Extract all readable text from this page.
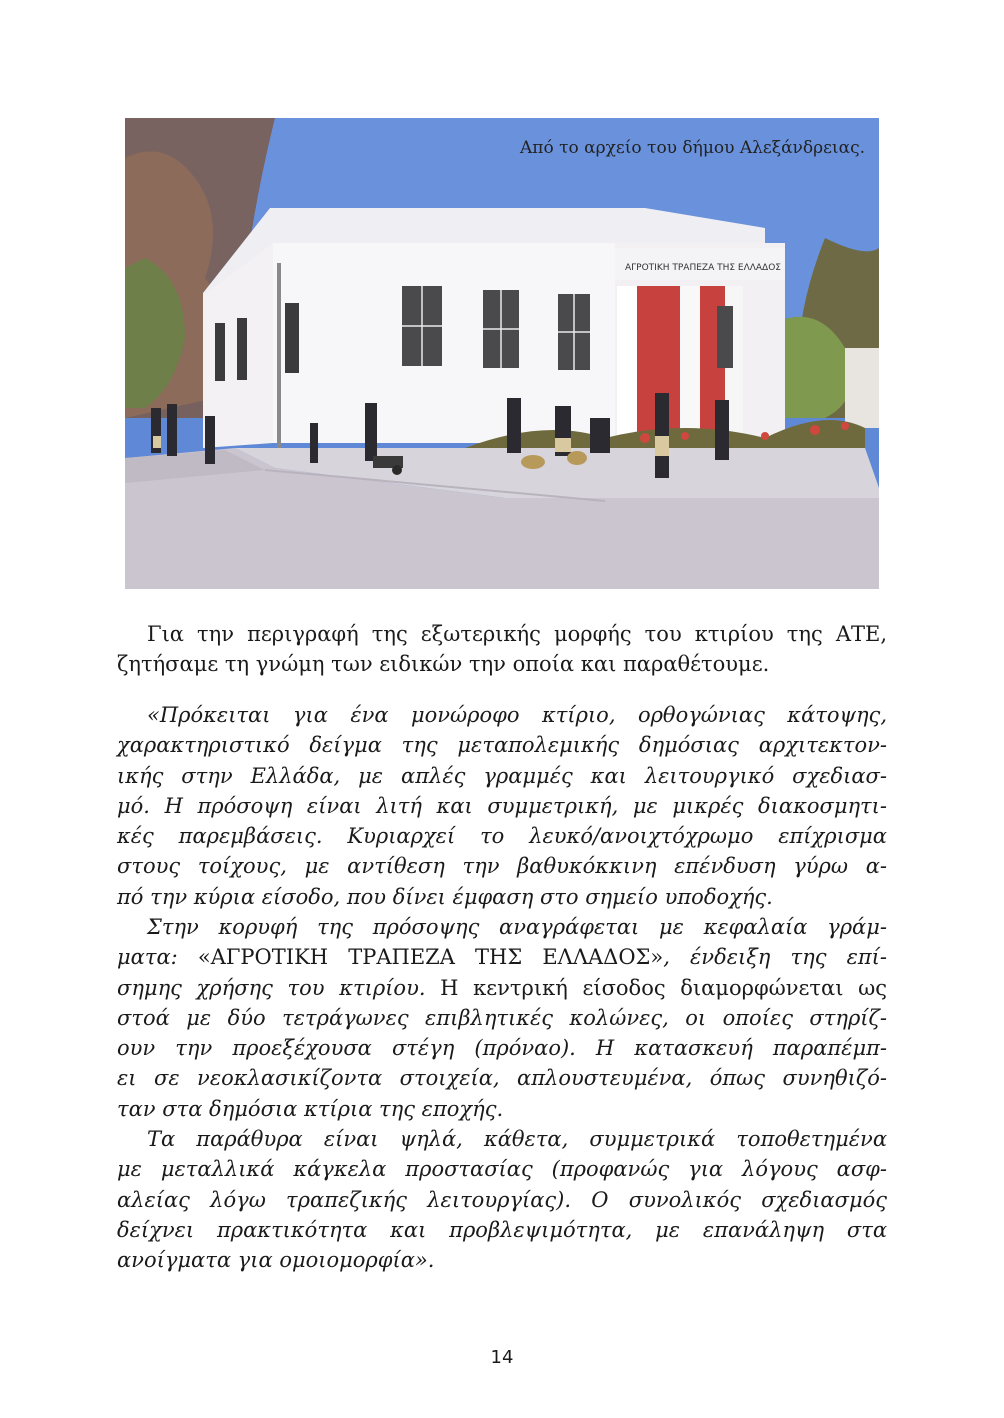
ΑΓΡΟΤΙΚΗ ΤΡΑΠΕΖΑ ΤΗΣ ΕΛΛΑΔΟΣ
Από το αρχείο του δήμου Αλεξάνδρειας.
Για την περιγραφή της εξωτερικής μορφής του κτιρίου της ΑΤΕ,
ζητήσαμε τη γνώμη των ειδικών την οποία και παραθέτουμε.
«Πρόκειται για ένα μονώροφο κτίριο, ορθογώνιας κάτοψης,
χαρακτηριστικό δείγμα της μεταπολεμικής δημόσιας αρχιτεκτον-
ικής στην Ελλάδα, με απλές γραμμές και λειτουργικό σχεδιασ-
μό. Η πρόσοψη είναι λιτή και συμμετρική, με μικρές διακοσμητι-
κές παρεμβάσεις. Κυριαρχεί το λευκό/ανοιχτόχρωμο επίχρισμα
στους τοίχους, με αντίθεση την βαθυκόκκινη επένδυση γύρω α-
πό την κύρια είσοδο, που δίνει έμφαση στο σημείο υποδοχής.
Στην κορυφή της πρόσοψης αναγράφεται με κεφαλαία γράμ-
ματα: «ΑΓΡΟΤΙΚΗ ΤΡΑΠΕΖΑ ΤΗΣ ΕΛΛΑΔΟΣ», ένδειξη της επί-
σημης χρήσης του κτιρίου. Η κεντρική είσοδος διαμορφώνεται ως
στοά με δύο τετράγωνες επιβλητικές κολώνες, οι οποίες στηρίζ-
ουν την προεξέχουσα στέγη (πρόναο). Η κατασκευή παραπέμπ-
ει σε νεοκλασικίζοντα στοιχεία, απλουστευμένα, όπως συνηθιζό-
ταν στα δημόσια κτίρια της εποχής.
Τα παράθυρα είναι ψηλά, κάθετα, συμμετρικά τοποθετημένα
με μεταλλικά κάγκελα προστασίας (προφανώς για λόγους ασφ-
αλείας λόγω τραπεζικής λειτουργίας). Ο συνολικός σχεδιασμός
δείχνει πρακτικότητα και προβλεψιμότητα, με επανάληψη στα
ανοίγματα για ομοιομορφία».
14
